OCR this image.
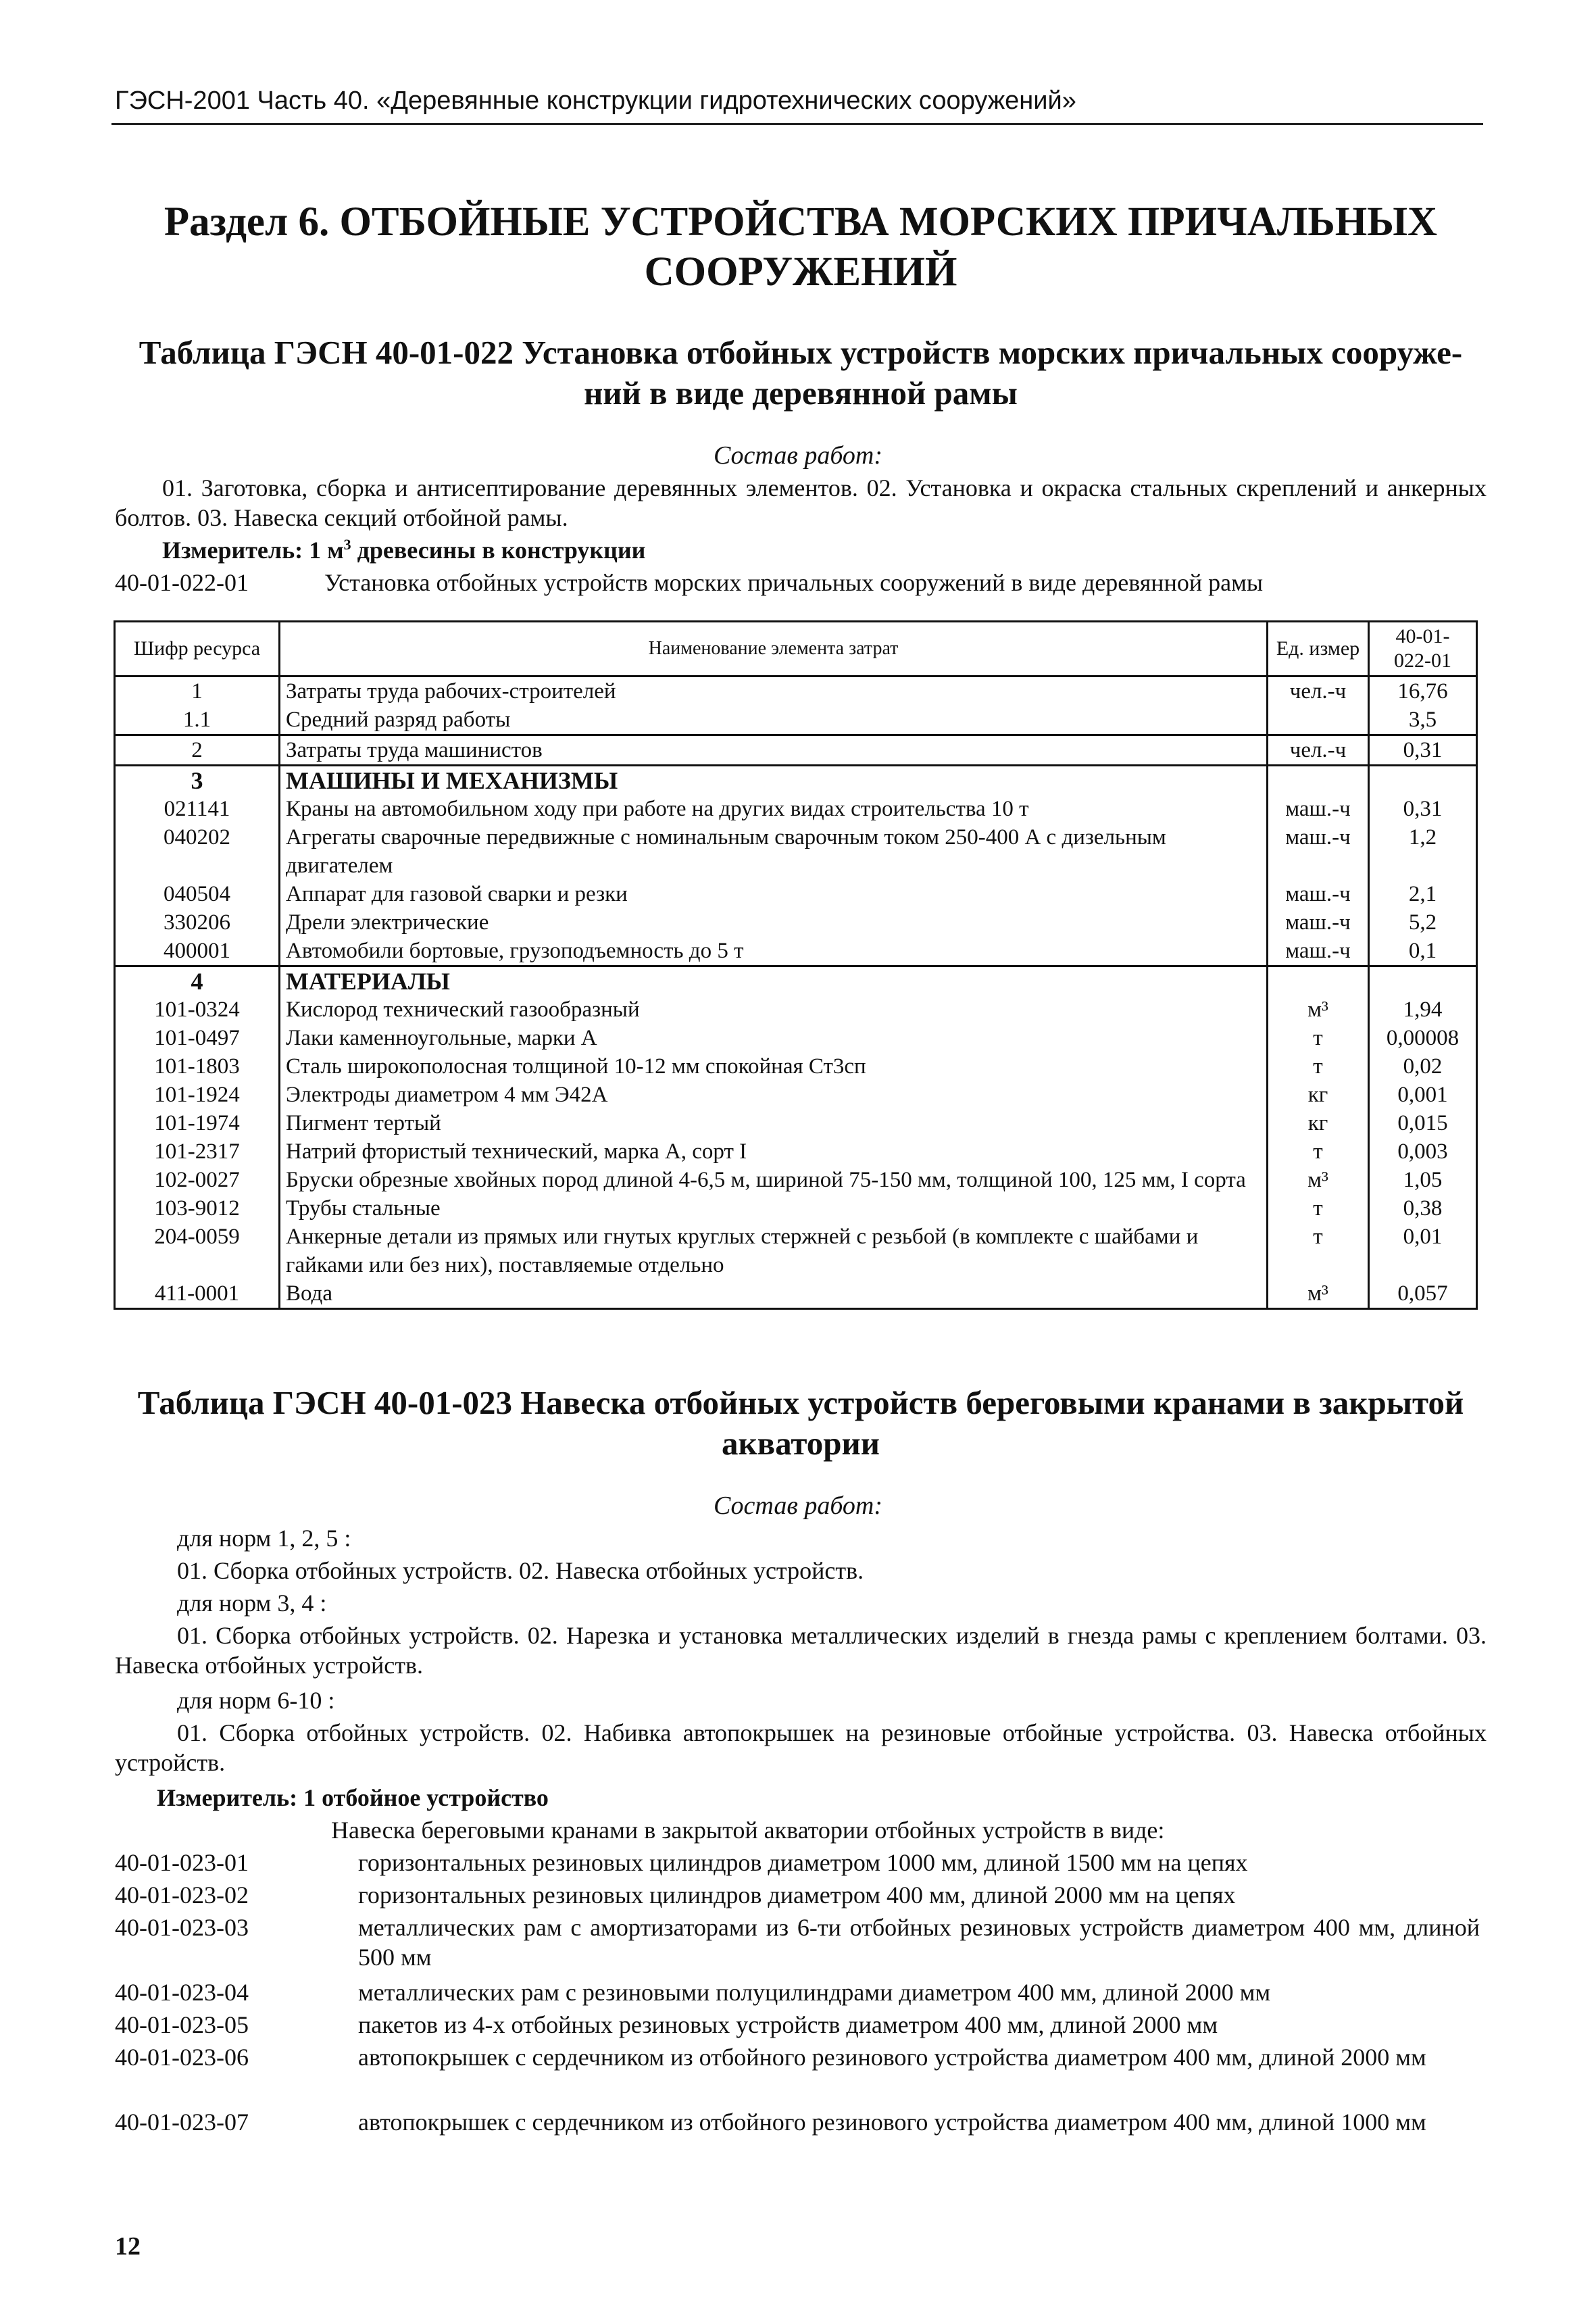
ГЭСН-2001 Часть 40. «Деревянные конструкции гидротехнических сооружений»
Раздел 6. ОТБОЙНЫЕ УСТРОЙСТВА МОРСКИХ ПРИЧАЛЬНЫХ
СООРУЖЕНИЙ
Таблица ГЭСН 40-01-022 Установка отбойных устройств морских причальных сооруже-
ний в виде деревянной рамы
Состав работ:
01. Заготовка, сборка и антисептирование деревянных элементов. 02. Установка и окраска стальных скреплений и анкерных болтов. 03. Навеска секций отбойной рамы.
Измеритель: 1 $м^3$ древесины в конструкции
40-01-022-01	Установка отбойных устройств морских причальных сооружений в виде деревянной рамы
Шифр ресурса	Наименование элемента затрат	Ед. измер	40-01-
022-01

1	Затраты труда рабочих-строителей	чел.-ч	16,76
1.1	Средний разряд работы		3,5
2	Затраты труда машинистов	чел.-ч	0,31
3	МАШИНЫ И МЕХАНИЗМЫ		
021141	Краны на автомобильном ходу при работе на других видах строительства 10 т	маш.-ч	0,31
040202	Агрегаты сварочные передвижные с номинальным сварочным током 250-400 А с дизельным двигателем	маш.-ч	1,2
040504	Аппарат для газовой сварки и резки	маш.-ч	2,1
330206	Дрели электрические	маш.-ч	5,2
400001	Автомобили бортовые, грузоподъемность до 5 т	маш.-ч	0,1
4	МАТЕРИАЛЫ		
101-0324	Кислород технический газообразный	м³	1,94
101-0497	Лаки каменноугольные, марки А	т	0,00008
101-1803	Сталь широкополосная толщиной 10-12 мм спокойная Ст3сп	т	0,02
101-1924	Электроды диаметром 4 мм Э42А	кг	0,001
101-1974	Пигмент тертый	кг	0,015
101-2317	Натрий фтористый технический, марка А, сорт I	т	0,003
102-0027	Бруски обрезные хвойных пород длиной 4-6,5 м, шириной 75-150 мм, толщиной 100, 125 мм, I сорта	м³	1,05
103-9012	Трубы стальные	т	0,38
204-0059	Анкерные детали из прямых или гнутых круглых стержней с резьбой (в комплекте с шайбами и гайками или без них), поставляемые отдельно	т	0,01
411-0001	Вода	м³	0,057
Таблица ГЭСН 40-01-023 Навеска отбойных устройств береговыми кранами в закрытой
акватории
Состав работ:
для норм 1, 2, 5 :
01. Сборка отбойных устройств. 02. Навеска отбойных устройств.
для норм 3, 4 :
01. Сборка отбойных устройств. 02. Нарезка и установка металлических изделий в гнезда рамы с креплением болтами. 03. Навеска отбойных устройств.
для норм 6-10 :
01. Сборка отбойных устройств. 02. Набивка автопокрышек на резиновые отбойные устройства. 03. Навеска отбойных устройств.
Измеритель: 1 отбойное устройство
Навеска береговыми кранами в закрытой акватории отбойных устройств в виде:
40-01-023-01	горизонтальных резиновых цилиндров диаметром 1000 мм, длиной 1500 мм на цепях
40-01-023-02	горизонтальных резиновых цилиндров диаметром 400 мм, длиной 2000 мм на цепях
40-01-023-03	металлических рам с амортизаторами из 6-ти отбойных резиновых устройств диаметром 400 мм, длиной 500 мм
40-01-023-04	металлических рам с резиновыми полуцилиндрами диаметром 400 мм, длиной 2000 мм
40-01-023-05	пакетов из 4-х отбойных резиновых устройств диаметром 400 мм, длиной 2000 мм
40-01-023-06	автопокрышек с сердечником из отбойного резинового устройства диаметром 400 мм, длиной 2000 мм
40-01-023-07	автопокрышек с сердечником из отбойного резинового устройства диаметром 400 мм, длиной 1000 мм
12
